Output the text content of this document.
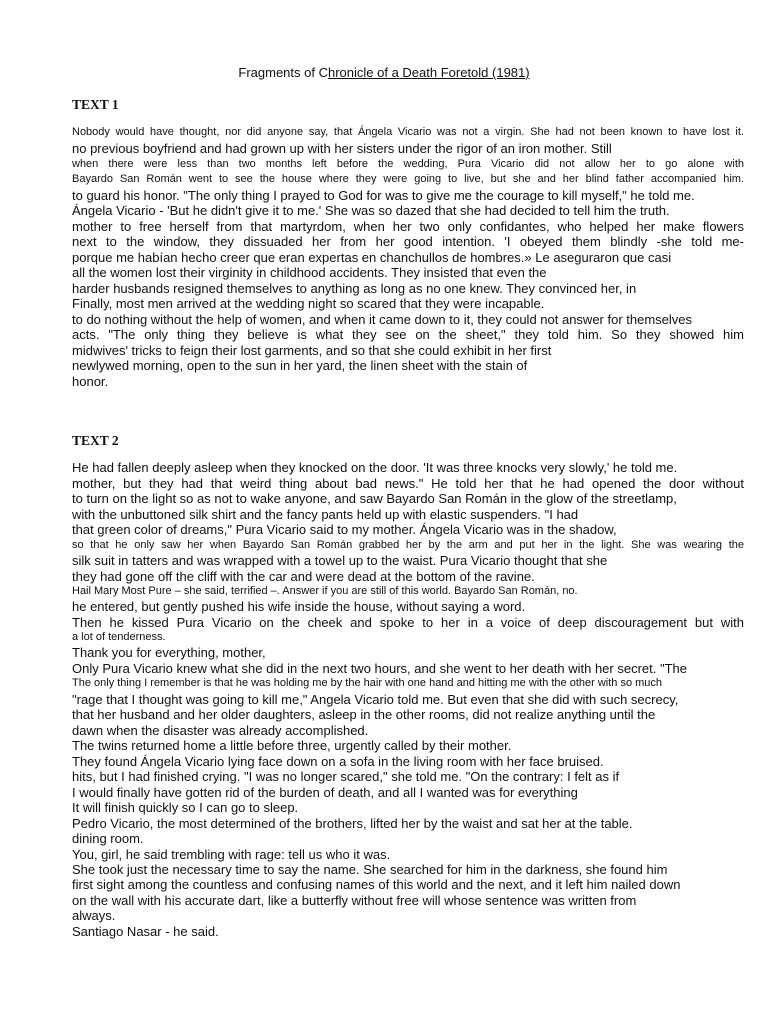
Fragments of Chronicle of a Death Foretold (1981)
TEXT 1
Nobody would have thought, nor did anyone say, that Ángela Vicario was not a virgin. She had not been known to have lost it.
no previous boyfriend and had grown up with her sisters under the rigor of an iron mother. Still
when there were less than two months left before the wedding, Pura Vicario did not allow her to go alone with
Bayardo San Román went to see the house where they were going to live, but she and her blind father accompanied him.
to guard his honor. "The only thing I prayed to God for was to give me the courage to kill myself," he told me.
Ángela Vicario - 'But he didn't give it to me.' She was so dazed that she had decided to tell him the truth.
mother to free herself from that martyrdom, when her two only confidantes, who helped her make flowers
next to the window, they dissuaded her from her good intention. 'I obeyed them blindly -she told me-
porque me habían hecho creer que eran expertas en chanchullos de hombres.» Le aseguraron que casi
all the women lost their virginity in childhood accidents. They insisted that even the
harder husbands resigned themselves to anything as long as no one knew. They convinced her, in
Finally, most men arrived at the wedding night so scared that they were incapable.
to do nothing without the help of women, and when it came down to it, they could not answer for themselves
acts. "The only thing they believe is what they see on the sheet," they told him. So they showed him
midwives' tricks to feign their lost garments, and so that she could exhibit in her first
newlywed morning, open to the sun in her yard, the linen sheet with the stain of
honor.
TEXT 2
He had fallen deeply asleep when they knocked on the door. 'It was three knocks very slowly,' he told me.
mother, but they had that weird thing about bad news." He told her that he had opened the door without
to turn on the light so as not to wake anyone, and saw Bayardo San Román in the glow of the streetlamp,
with the unbuttoned silk shirt and the fancy pants held up with elastic suspenders. "I had
that green color of dreams," Pura Vicario said to my mother. Ángela Vicario was in the shadow,
so that he only saw her when Bayardo San Román grabbed her by the arm and put her in the light. She was wearing the
silk suit in tatters and was wrapped with a towel up to the waist. Pura Vicario thought that she
they had gone off the cliff with the car and were dead at the bottom of the ravine.
Hail Mary Most Pure – she said, terrified –. Answer if you are still of this world. Bayardo San Román, no.
he entered, but gently pushed his wife inside the house, without saying a word.
Then he kissed Pura Vicario on the cheek and spoke to her in a voice of deep discouragement but with
a lot of tenderness.
Thank you for everything, mother,
Only Pura Vicario knew what she did in the next two hours, and she went to her death with her secret. "The
The only thing I remember is that he was holding me by the hair with one hand and hitting me with the other with so much
"rage that I thought was going to kill me," Angela Vicario told me. But even that she did with such secrecy,
that her husband and her older daughters, asleep in the other rooms, did not realize anything until the
dawn when the disaster was already accomplished.
The twins returned home a little before three, urgently called by their mother.
They found Ángela Vicario lying face down on a sofa in the living room with her face bruised.
hits, but I had finished crying. "I was no longer scared," she told me. "On the contrary: I felt as if
I would finally have gotten rid of the burden of death, and all I wanted was for everything
It will finish quickly so I can go to sleep.
Pedro Vicario, the most determined of the brothers, lifted her by the waist and sat her at the table.
dining room.
You, girl, he said trembling with rage: tell us who it was.
She took just the necessary time to say the name. She searched for him in the darkness, she found him
first sight among the countless and confusing names of this world and the next, and it left him nailed down
on the wall with his accurate dart, like a butterfly without free will whose sentence was written from
always.
Santiago Nasar - he said.
